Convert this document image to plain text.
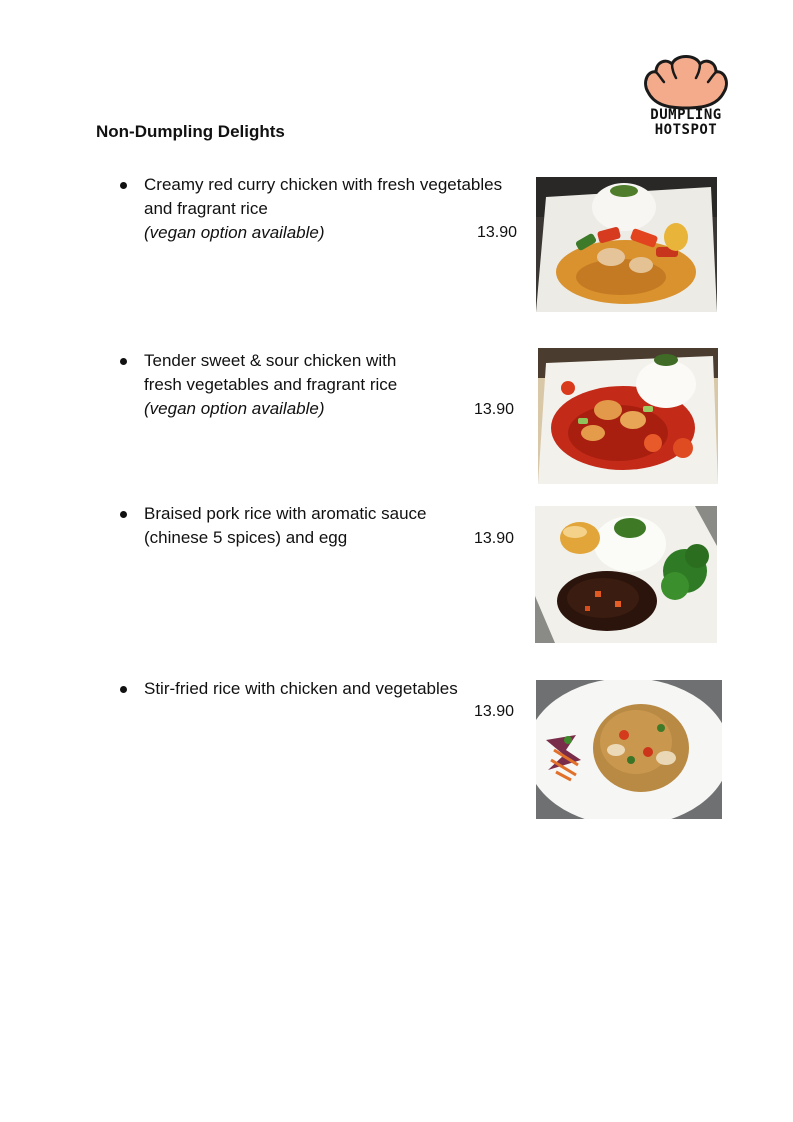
DUMPLING
HOTSPOT
Non-Dumpling Delights
Creamy red curry chicken with fresh vegetables
and fragrant rice
(vegan option available)	13.90
Tender sweet & sour chicken with
fresh vegetables and fragrant rice
(vegan option available)	13.90
Braised pork rice with aromatic sauce
(chinese 5 spices) and egg	13.90
Stir-fried rice with chicken and vegetables
13.90
